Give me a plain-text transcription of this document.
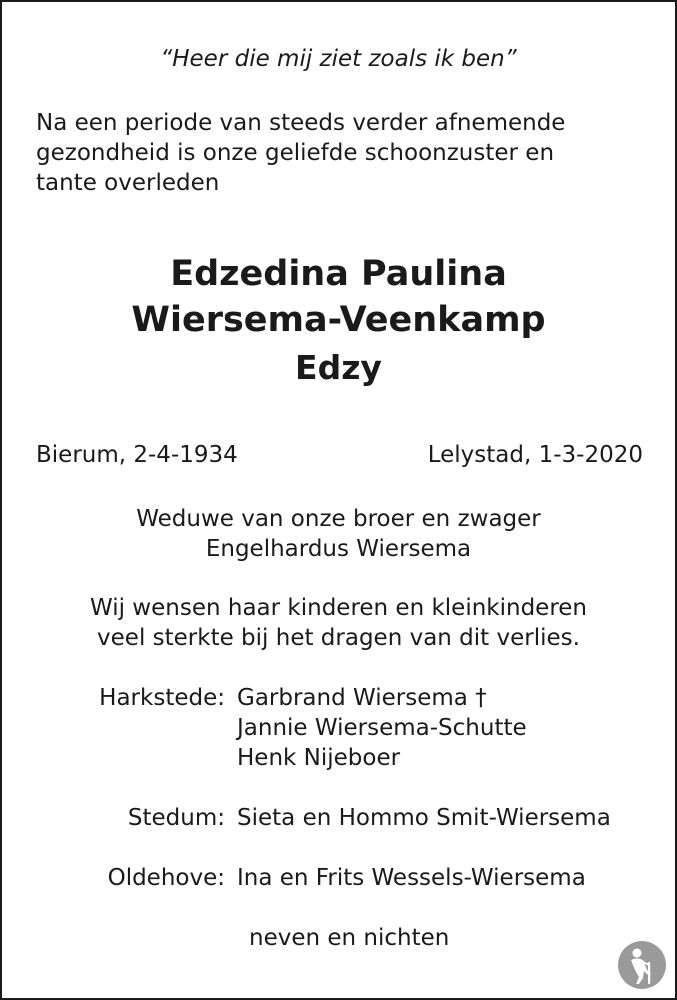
“Heer die mij ziet zoals ik ben”
Na een periode van steeds verder afnemende
gezondheid is onze geliefde schoonzuster en
tante overleden
Edzedina Paulina
Wiersema-Veenkamp
Edzy
Bierum, 2-4-1934	Lelystad, 1-3-2020
Weduwe van onze broer en zwager
Engelhardus Wiersema
Wij wensen haar kinderen en kleinkinderen
veel sterkte bij het dragen van dit verlies.
Harkstede: Garbrand Wiersema †
Jannie Wiersema-Schutte
Henk Nijeboer
Stedum: Sieta en Hommo Smit-Wiersema
Oldehove: Ina en Frits Wessels-Wiersema
neven en nichten
